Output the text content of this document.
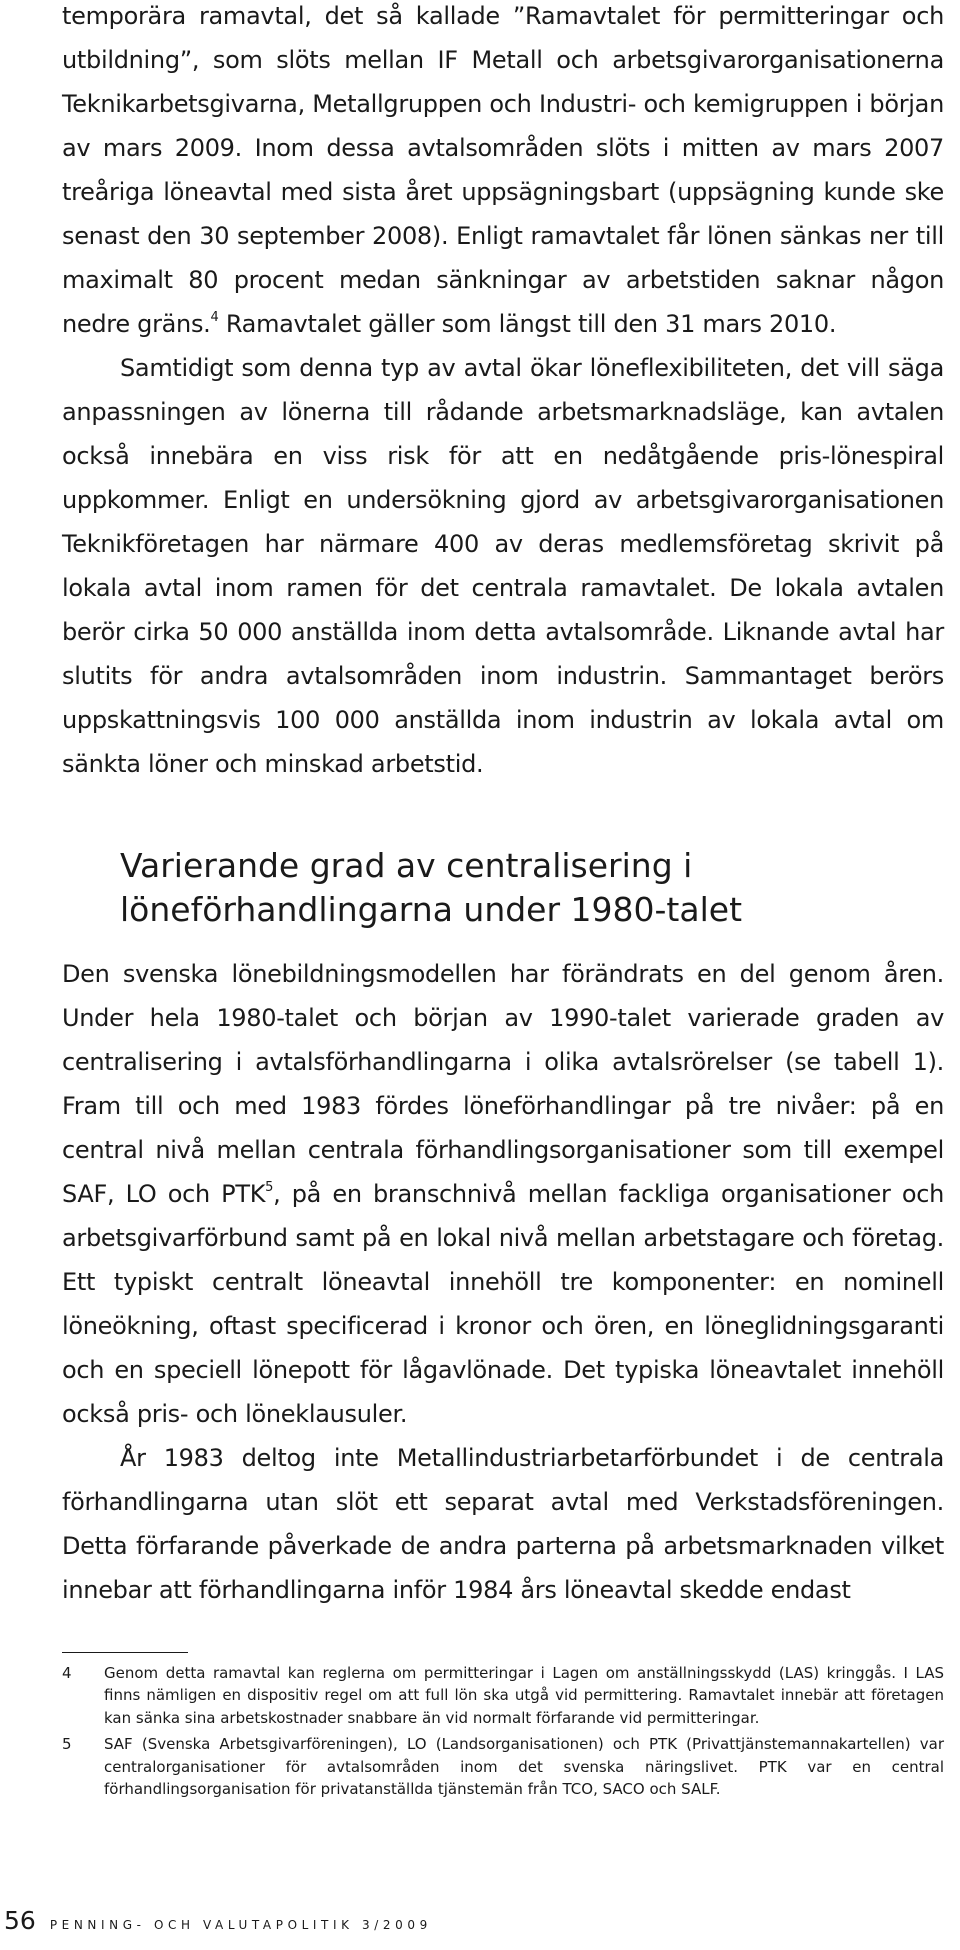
temporära ramavtal, det så kallade ”Ramavtalet för permitteringar och utbildning”, som slöts mellan IF Metall och arbetsgivarorganisationerna Teknikarbetsgivarna, Metallgruppen och Industri- och kemigruppen i början av mars 2009. Inom dessa avtalsområden slöts i mitten av mars 2007 treåriga löneavtal med sista året uppsägningsbart (uppsägning kunde ske senast den 30 september 2008). Enligt ramavtalet får lönen sänkas ner till maximalt 80 procent medan sänkningar av arbetstiden saknar någon nedre gräns.$^4$ Ramavtalet gäller som längst till den 31 mars 2010.

Samtidigt som denna typ av avtal ökar löneflexibiliteten, det vill säga anpassningen av lönerna till rådande arbetsmarknadsläge, kan avtalen också innebära en viss risk för att en nedåtgående pris-lönespiral uppkommer. Enligt en undersökning gjord av arbetsgivarorganisationen Teknikföretagen har närmare 400 av deras medlemsföretag skrivit på lokala avtal inom ramen för det centrala ramavtalet. De lokala avtalen berör cirka 50 000 anställda inom detta avtalsområde. Liknande avtal har slutits för andra avtalsområden inom industrin. Sammantaget berörs uppskattningsvis 100 000 anställda inom industrin av lokala avtal om sänkta löner och minskad arbetstid.

Varierande grad av centralisering i löneförhandlingarna under 1980-talet

Den svenska lönebildningsmodellen har förändrats en del genom åren. Under hela 1980-talet och början av 1990-talet varierade graden av centralisering i avtalsförhandlingarna i olika avtalsrörelser (se tabell 1). Fram till och med 1983 fördes löneförhandlingar på tre nivåer: på en central nivå mellan centrala förhandlingsorganisationer som till exempel SAF, LO och PTK$^5$, på en branschnivå mellan fackliga organisationer och arbetsgivarförbund samt på en lokal nivå mellan arbetstagare och företag. Ett typiskt centralt löneavtal innehöll tre komponenter: en nominell löneökning, oftast specificerad i kronor och ören, en löneglidningsgaranti och en speciell lönepott för lågavlönade. Det typiska löneavtalet innehöll också pris- och löneklausuler.

År 1983 deltog inte Metallindustriarbetarförbundet i de centrala förhandlingarna utan slöt ett separat avtal med Verkstadsföreningen. Detta förfarande påverkade de andra parterna på arbetsmarknaden vilket innebar att förhandlingarna inför 1984 års löneavtal skedde endast

4	Genom detta ramavtal kan reglerna om permitteringar i Lagen om anställningsskydd (LAS) kringgås. I LAS finns nämligen en dispositiv regel om att full lön ska utgå vid permittering. Ramavtalet innebär att företagen kan sänka sina arbetskostnader snabbare än vid normalt förfarande vid permitteringar.
5	SAF (Svenska Arbetsgivarföreningen), LO (Landsorganisationen) och PTK (Privattjänstemannakartellen) var centralorganisationer för avtalsområden inom det svenska näringslivet. PTK var en central förhandlingsorganisation för privatanställda tjänstemän från TCO, SACO och SALF.
56 PENNING- OCH VALUTAPOLITIK 3/2009
